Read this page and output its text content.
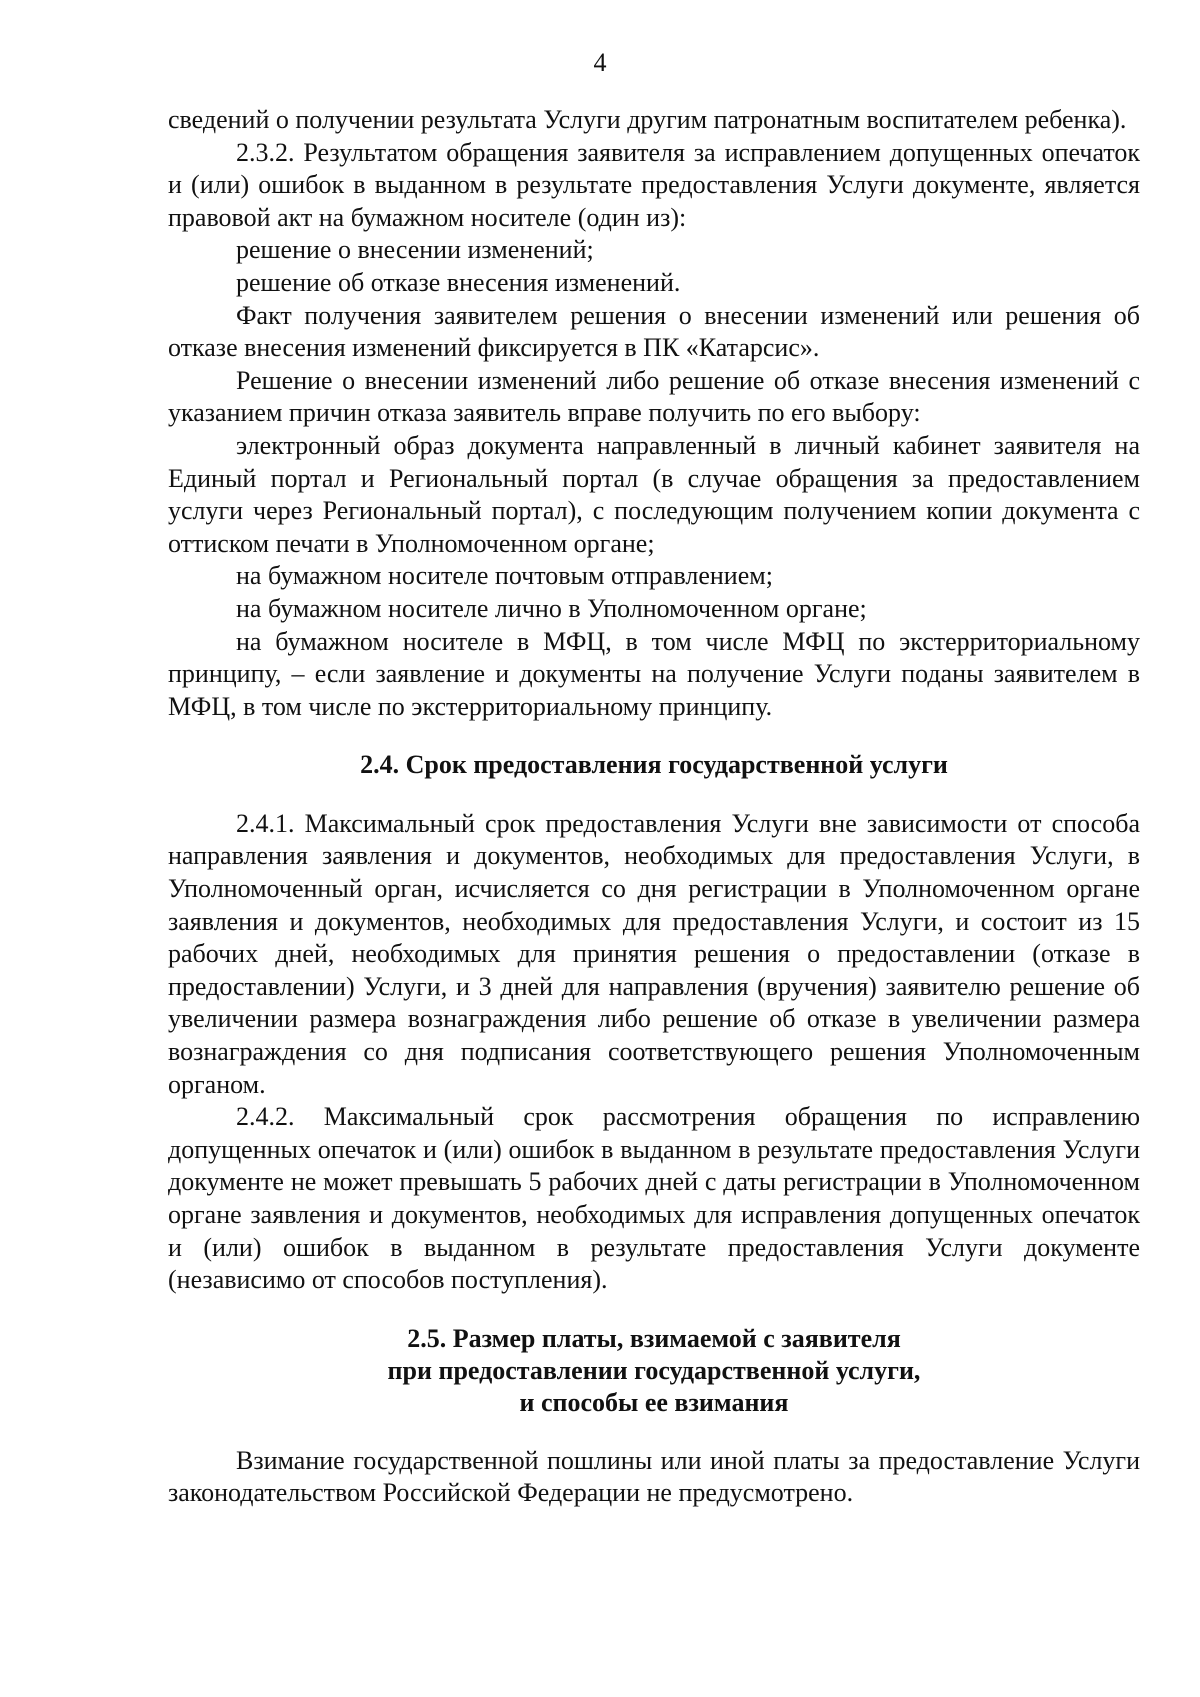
4

сведений о получении результата Услуги другим патронатным воспитателем ребенка).

2.3.2. Результатом обращения заявителя за исправлением допущенных опечаток и (или) ошибок в выданном в результате предоставления Услуги документе, является правовой акт на бумажном носителе (один из):

решение о внесении изменений;

решение об отказе внесения изменений.

Факт получения заявителем решения о внесении изменений или решения об отказе внесения изменений фиксируется в ПК «Катарсис».

Решение о внесении изменений либо решение об отказе внесения изменений с указанием причин отказа заявитель вправе получить по его выбору:

электронный образ документа направленный в личный кабинет заявителя на Единый портал и Региональный портал (в случае обращения за предоставлением услуги через Региональный портал), с последующим получением копии документа с оттиском печати в Уполномоченном органе;

на бумажном носителе почтовым отправлением;

на бумажном носителе лично в Уполномоченном органе;

на бумажном носителе в МФЦ, в том числе МФЦ по экстерриториальному принципу, – если заявление и документы на получение Услуги поданы заявителем в МФЦ, в том числе по экстерриториальному принципу.

2.4. Срок предоставления государственной услуги

2.4.1. Максимальный срок предоставления Услуги вне зависимости от способа направления заявления и документов, необходимых для предоставления Услуги, в Уполномоченный орган, исчисляется со дня регистрации в Уполномоченном органе заявления и документов, необходимых для предоставления Услуги, и состоит из 15 рабочих дней, необходимых для принятия решения о предоставлении (отказе в предоставлении) Услуги, и 3 дней для направления (вручения) заявителю решение об увеличении размера вознаграждения либо решение об отказе в увеличении размера вознаграждения со дня подписания соответствующего решения Уполномоченным органом.

2.4.2. Максимальный срок рассмотрения обращения по исправлению допущенных опечаток и (или) ошибок в выданном в результате предоставления Услуги документе не может превышать 5 рабочих дней с даты регистрации в Уполномоченном органе заявления и документов, необходимых для исправления допущенных опечаток и (или) ошибок в выданном в результате предоставления Услуги документе (независимо от способов поступления).

2.5. Размер платы, взимаемой с заявителя
при предоставлении государственной услуги,
и способы ее взимания

Взимание государственной пошлины или иной платы за предоставление Услуги законодательством Российской Федерации не предусмотрено.
